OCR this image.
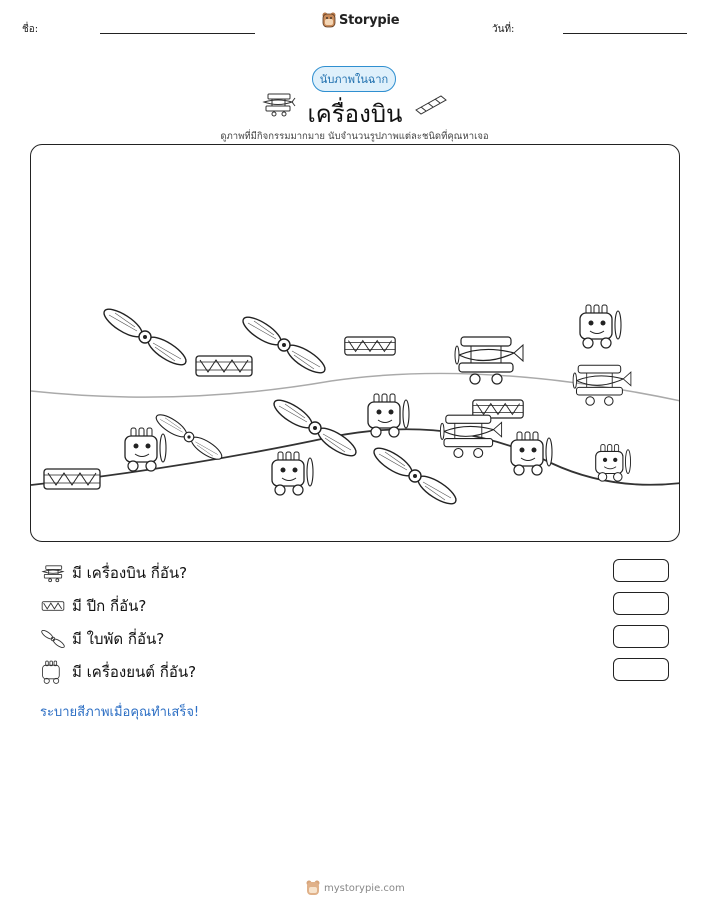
ชื่อ:
Storypie
วันที่:
นับภาพในฉาก
เครื่องบิน
ดูภาพที่มีกิจกรรมมากมาย นับจำนวนรูปภาพแต่ละชนิดที่คุณหาเจอ
มี เครื่องบิน กี่อัน?
มี ปีก กี่อัน?
มี ใบพัด กี่อัน?
มี เครื่องยนต์ กี่อัน?
ระบายสีภาพเมื่อคุณทำเสร็จ!
mystorypie.com
